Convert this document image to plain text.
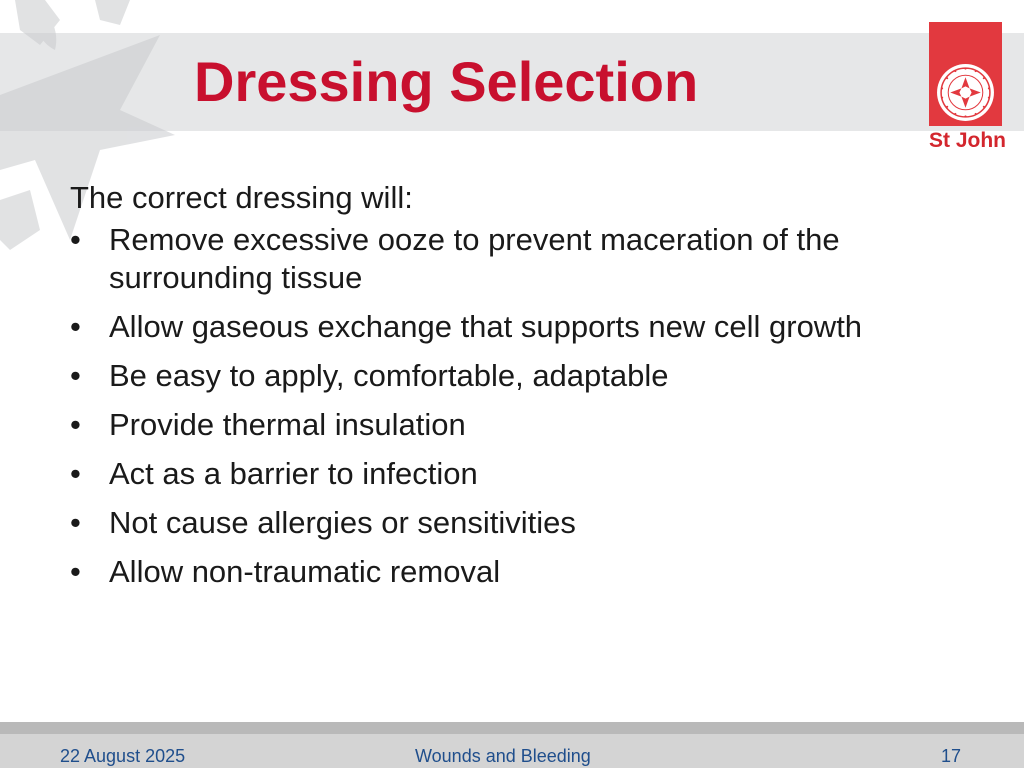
Dressing Selection
St John

The correct dressing will:

• Remove excessive ooze to prevent maceration of the surrounding tissue
• Allow gaseous exchange that supports new cell growth
• Be easy to apply, comfortable, adaptable
• Provide thermal insulation
• Act as a barrier to infection
• Not cause allergies or sensitivities
• Allow non-traumatic removal
22 August 2025	Wounds and Bleeding	17
